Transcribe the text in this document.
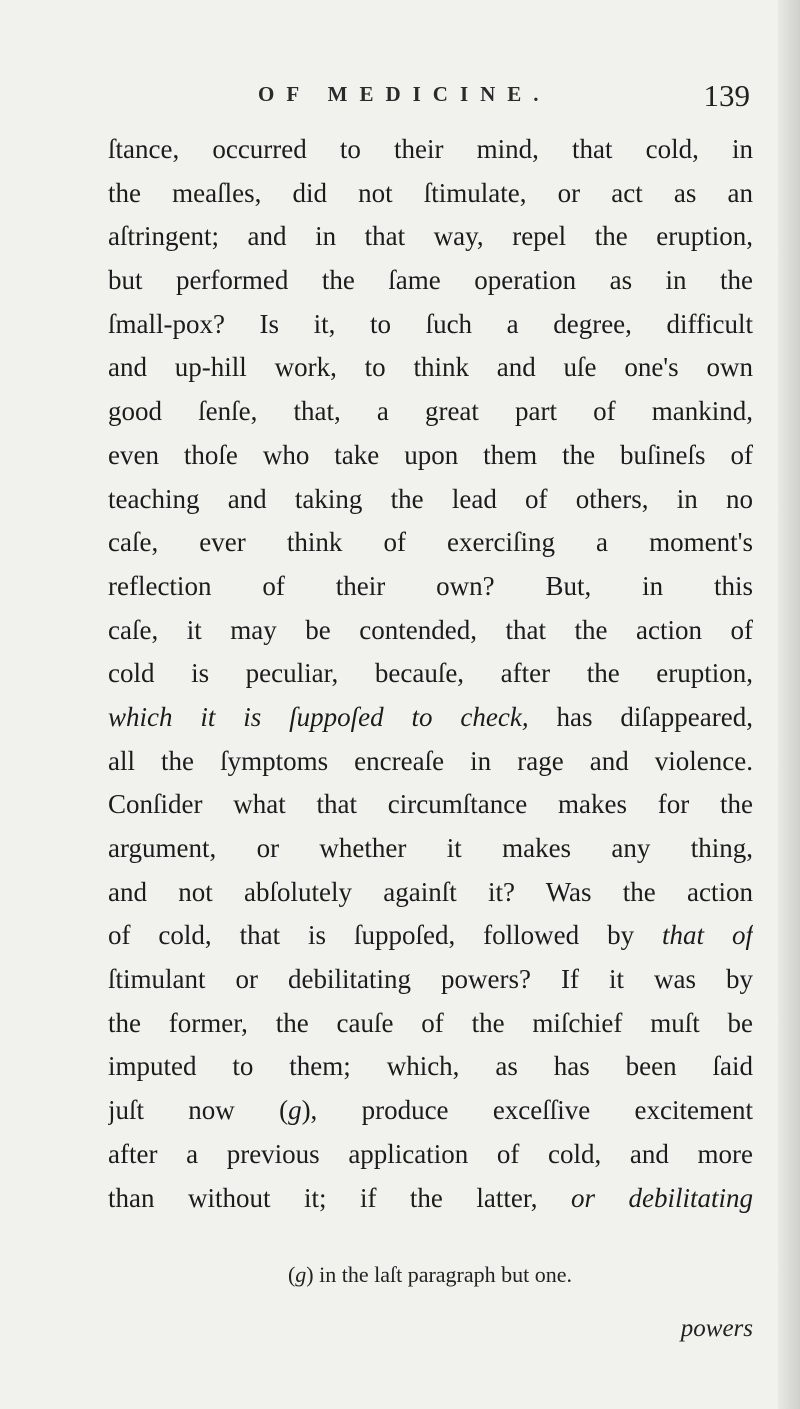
OF MEDICINE.	139
ſtance, occurred to their mind, that cold, in
the meaſles, did not ſtimulate, or act as an
aſtringent; and in that way, repel the eruption,
but performed the ſame operation as in the
ſmall-pox? Is it, to ſuch a degree, difficult
and up-hill work, to think and uſe one's own
good ſenſe, that, a great part of mankind,
even thoſe who take upon them the buſineſs of
teaching and taking the lead of others, in no
caſe, ever think of exerciſing a moment's
reflection of their own? But, in this
caſe, it may be contended, that the action of
cold is peculiar, becauſe, after the eruption,
which it is ſuppoſed to check, has diſappeared,
all the ſymptoms encreaſe in rage and violence.
Conſider what that circumſtance makes for the
argument, or whether it makes any thing,
and not abſolutely againſt it? Was the action
of cold, that is ſuppoſed, followed by that of
ſtimulant or debilitating powers? If it was by
the former, the cauſe of the miſchief muſt be
imputed to them; which, as has been ſaid
juſt now (g), produce exceſſive excitement
after a previous application of cold, and more
than without it; if the latter, or debilitating
(g) in the laſt paragraph but one.
powers
